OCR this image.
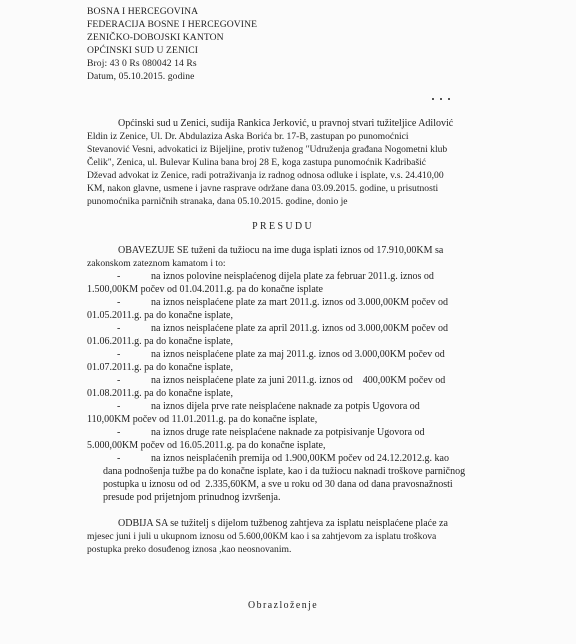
BOSNA I HERCEGOVINA
FEDERACIJA BOSNE I HERCEGOVINE
ZENIČKO-DOBOJSKI KANTON
OPĆINSKI SUD U ZENICI
Broj: 43 0 Rs 080042 14 Rs
Datum, 05.10.2015. godine
Općinski sud u Zenici, sudija Rankica Jerković, u pravnoj stvari tužiteljice Adilović
Eldin iz Zenice, Ul. Dr. Abdulaziza Aska Borića br. 17-B, zastupan po punomoćnici
Stevanović Vesni, advokatici iz Bijeljine, protiv tuženog "Udruženja građana Nogometni klub
Čelik", Zenica, ul. Bulevar Kulina bana broj 28 E, koga zastupa punomoćnik Kadribašić
Dževad advokat iz Zenice, radi potraživanja iz radnog odnosa odluke i isplate, v.s. 24.410,00
KM, nakon glavne, usmene i javne rasprave održane dana 03.09.2015. godine, u prisutnosti
punomoćnika parničnih stranaka, dana 05.10.2015. godine, donio je
PRESUDU
OBAVEZUJE SE tuženi da tužiocu na ime duga isplati iznos od 17.910,00KM sa
zakonskom zateznom kamatom i to:
-	na iznos polovine neisplaćenog dijela plate za februar 2011.g. iznos od
1.500,00KM počev od 01.04.2011.g. pa do konačne isplate
-	na iznos neisplaćene plate za mart 2011.g. iznos od 3.000,00KM počev od
01.05.2011.g. pa do konačne isplate,
-	na iznos neisplaćene plate za april 2011.g. iznos od 3.000,00KM počev od
01.06.2011.g. pa do konačne isplate,
-	na iznos neisplaćene plate za maj 2011.g. iznos od 3.000,00KM počev od
01.07.2011.g. pa do konačne isplate,
-	na iznos neisplaćene plate za juni 2011.g. iznos od    400,00KM počev od
01.08.2011.g. pa do konačne isplate,
-	na iznos dijela prve rate neisplaćene naknade za potpis Ugovora od
110,00KM počev od 11.01.2011.g. pa do konačne isplate,
-	na iznos druge rate neisplaćene naknade za potpisivanje Ugovora od
5.000,00KM počev od 16.05.2011.g. pa do konačne isplate,
-	na iznos neisplaćenih premija od 1.900,00KM počev od 24.12.2012.g. kao
dana podnošenja tužbe pa do konačne isplate, kao i da tužiocu naknadi troškove parničnog
postupka u iznosu od od  2.335,60KM, a sve u roku od 30 dana od dana pravosnažnosti
presude pod prijetnjom prinudnog izvršenja.
ODBIJA SA se tužitelj s dijelom tužbenog zahtjeva za isplatu neisplaćene plaće za
mjesec juni i juli u ukupnom iznosu od 5.600,00KM kao i sa zahtjevom za isplatu troškova
postupka preko dosuđenog iznosa ,kao neosnovanim.
Obrazloženje
